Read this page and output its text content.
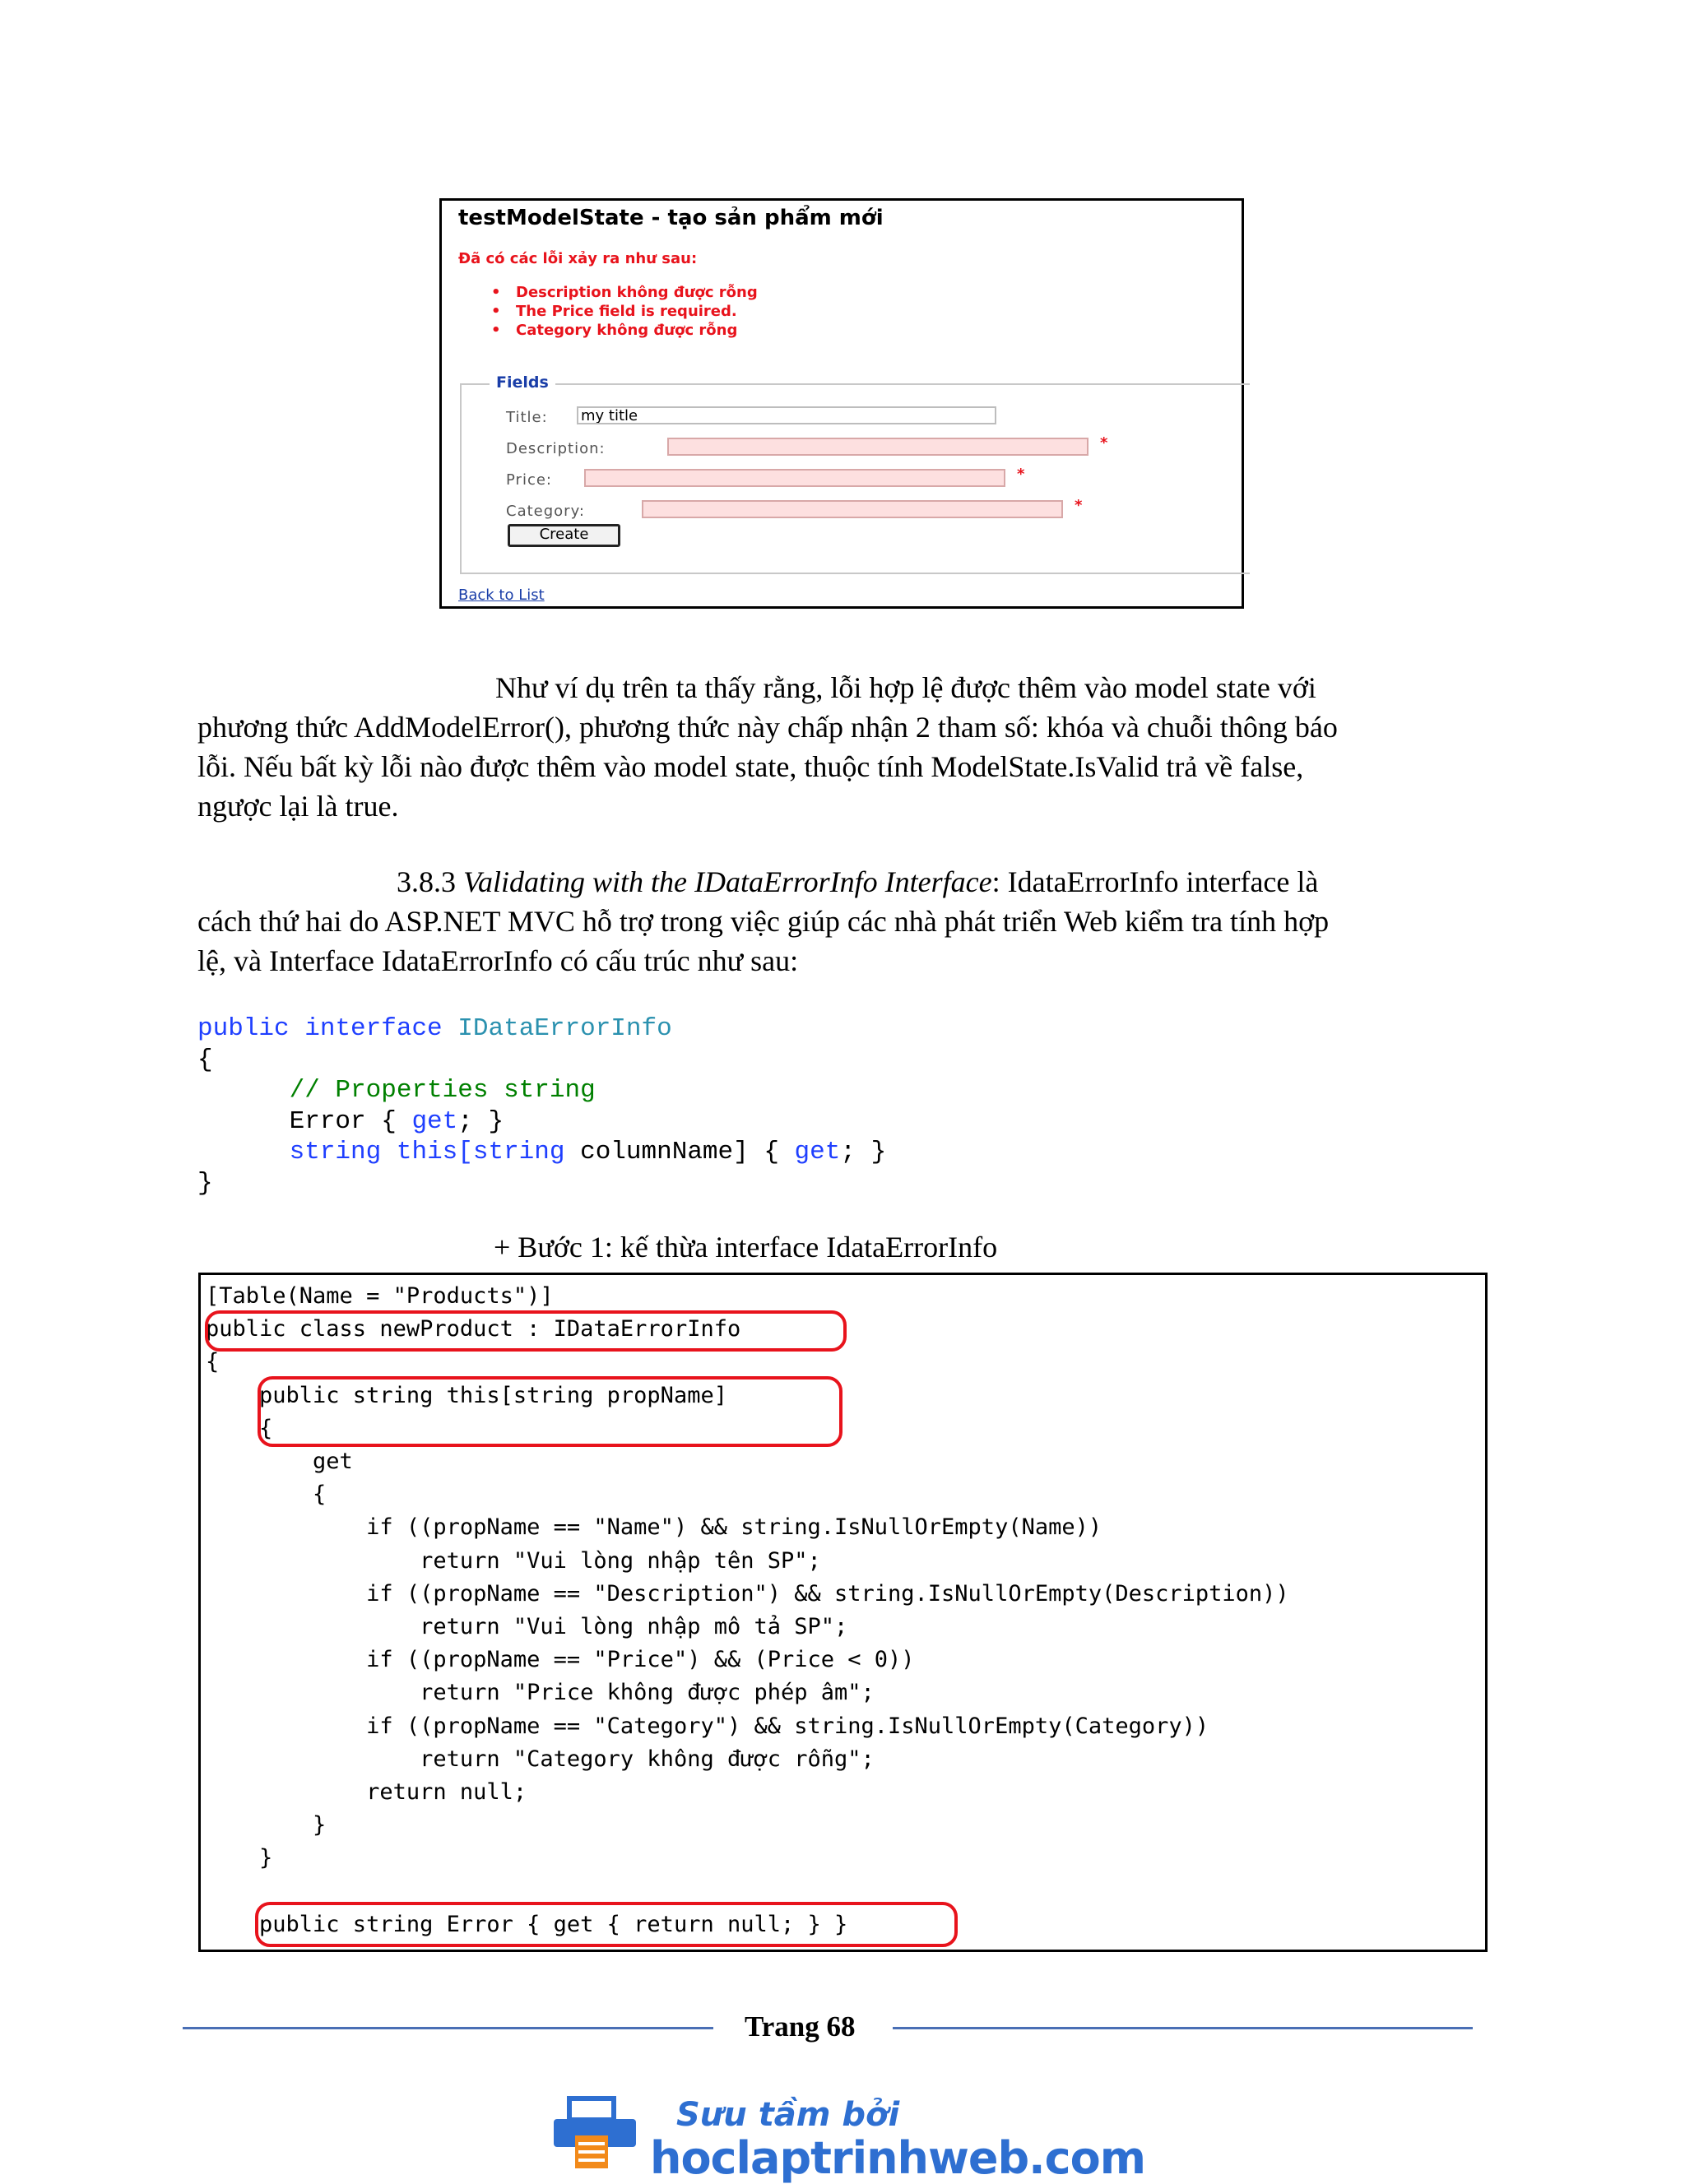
testModelState - tạo sản phẩm mới
Đã có các lỗi xảy ra như sau:
• Description không được rỗng
• The Price field is required.
• Category không được rỗng
Fields
Title:
my title
Description:	*
Price:	*
Category:	*
Create
Back to List
Như ví dụ trên ta thấy rằng, lỗi hợp lệ được thêm vào model state với
phương thức AddModelError(), phương thức này chấp nhận 2 tham số: khóa và chuỗi thông báo
lỗi. Nếu bất kỳ lỗi nào được thêm vào model state, thuộc tính ModelState.IsValid trả về false,
ngược lại là true.
3.8.3 Validating with the IDataErrorInfo Interface: IdataErrorInfo interface là
cách thứ hai do ASP.NET MVC hỗ trợ trong việc giúp các nhà phát triển Web kiểm tra tính hợp
lệ, và Interface IdataErrorInfo có cấu trúc như sau:
public interface IDataErrorInfo
{
// Properties string
Error { get; }
string this[string columnName] { get; }
}
+ Bước 1: kế thừa interface IdataErrorInfo
[Table(Name = "Products")]
public class newProduct : IDataErrorInfo
{
public string this[string propName]
{
get
{
if ((propName == "Name") && string.IsNullOrEmpty(Name))
return "Vui lòng nhập tên SP";
if ((propName == "Description") && string.IsNullOrEmpty(Description))
return "Vui lòng nhập mô tả SP";
if ((propName == "Price") && (Price < 0))
return "Price không được phép âm";
if ((propName == "Category") && string.IsNullOrEmpty(Category))
return "Category không được rỗng";
return null;
}
}

public string Error { get { return null; } }
Trang 68
Sưu tầm bởi
hoclaptrinhweb.com
